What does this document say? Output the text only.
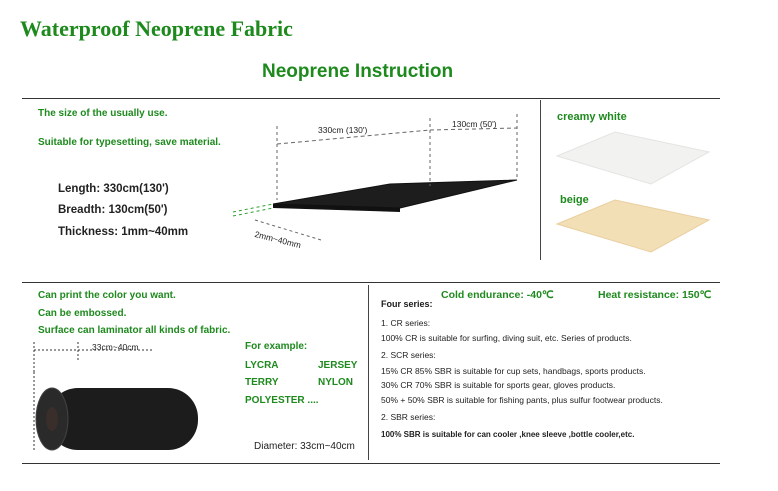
Waterproof Neoprene Fabric
Neoprene Instruction
The size of the usually use.
Suitable for typesetting, save material.
Length: 330cm(130')
Breadth: 130cm(50')
Thickness: 1mm~40mm
330cm (130')
130cm (50')
2mm~40mm
creamy white
beige
Can print the color you want.
Can be embossed.
Surface can laminator all kinds of fabric.
33cm~40cm
Diameter: 33cm~40cm
For example:
LYCRA	JERSEY
TERRY	NYLON
POLYESTER ....
Cold endurance: -40℃	Heat resistance: 150℃
Four series:
1. CR series:
100% CR is suitable for surfing, diving suit, etc. Series of products.
2. SCR series:
15% CR 85% SBR is suitable for cup sets, handbags, sports products.
30% CR 70% SBR is suitable for sports gear, gloves products.
50% + 50% SBR is suitable for fishing pants, plus sulfur footwear products.
2. SBR series:
100% SBR is suitable for can cooler ,knee sleeve ,bottle cooler,etc.
